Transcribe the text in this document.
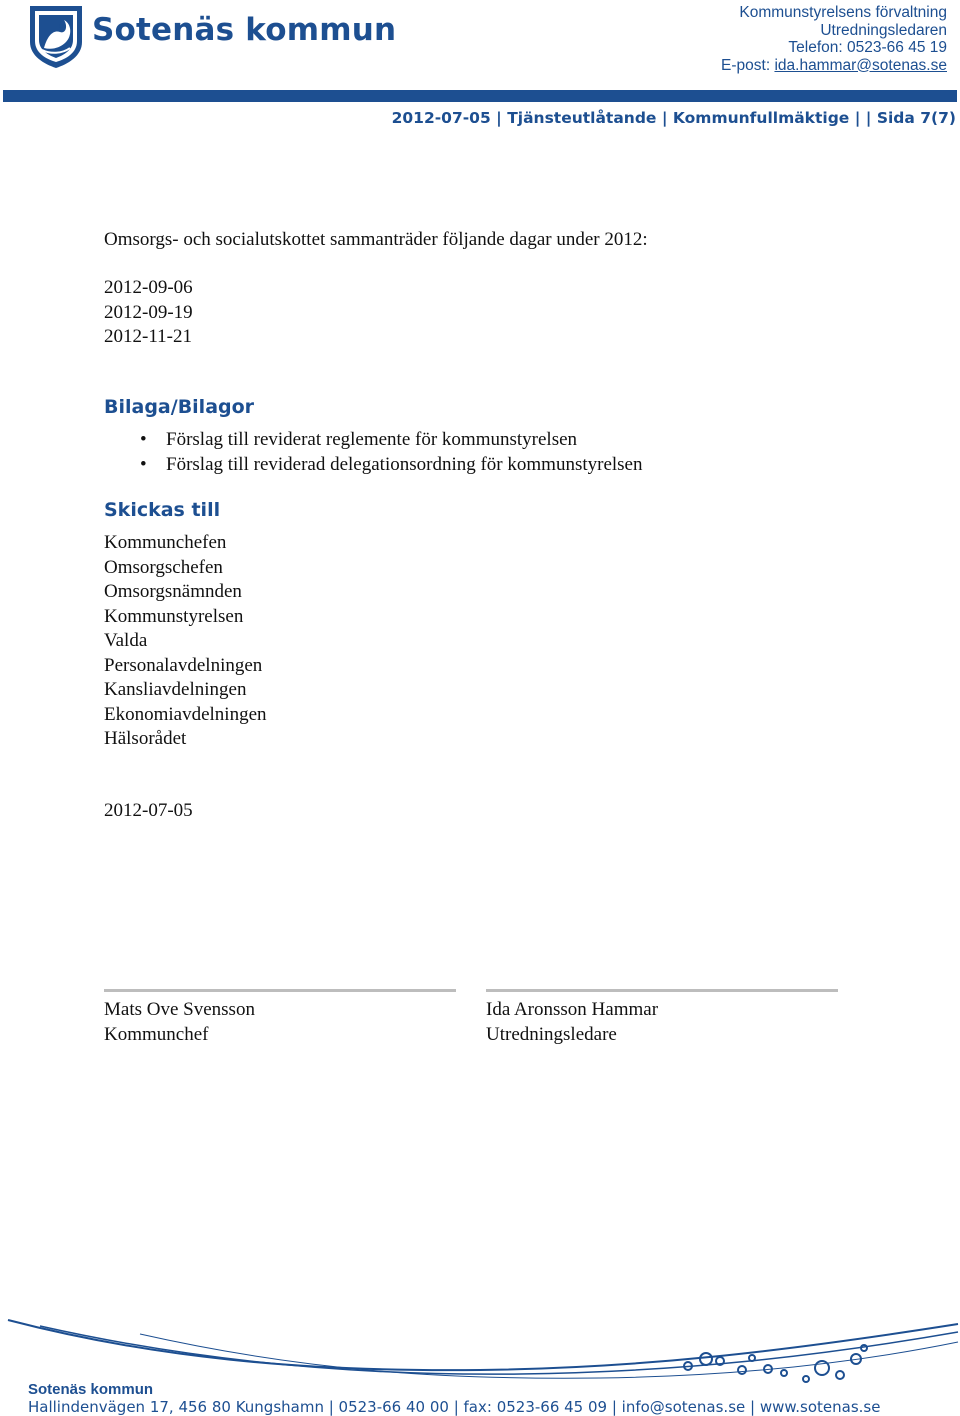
Sotenäs kommun	Kommunstyrelsens förvaltning
Utredningsledaren
Telefon: 0523-66 45 19
E-post: ida.hammar@sotenas.se
2012-07-05 | Tjänsteutlåtande | Kommunfullmäktige | | Sida 7(7)
Omsorgs- och socialutskottet sammanträder följande dagar under 2012:
2012-09-06
2012-09-19
2012-11-21
Bilaga/Bilagor
• Förslag till reviderat reglemente för kommunstyrelsen
• Förslag till reviderad delegationsordning för kommunstyrelsen
Skickas till
Kommunchefen
Omsorgschefen
Omsorgsnämnden
Kommunstyrelsen
Valda
Personalavdelningen
Kansliavdelningen
Ekonomiavdelningen
Hälsorådet
2012-07-05
Mats Ove Svensson
Kommunchef
Ida Aronsson Hammar
Utredningsledare
Sotenäs kommun
Hallindenvägen 17, 456 80 Kungshamn | 0523-66 40 00 | fax: 0523-66 45 09 | info@sotenas.se | www.sotenas.se
